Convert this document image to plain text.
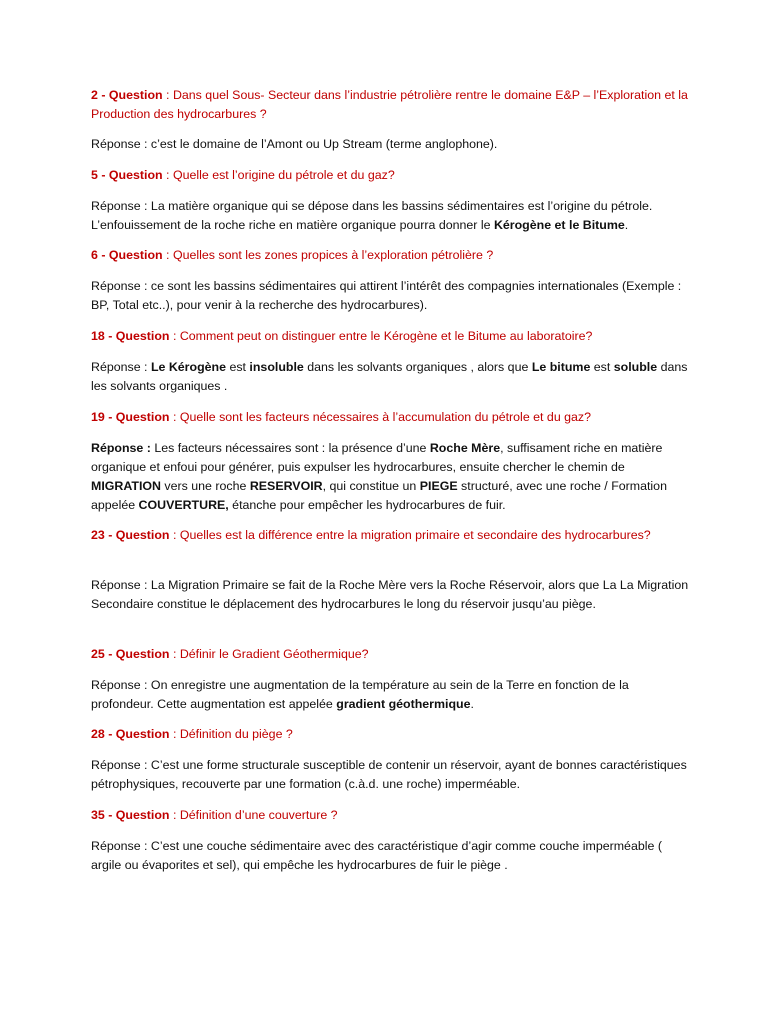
2 - Question : Dans quel Sous- Secteur dans l’industrie pétrolière rentre le domaine E&P – l’Exploration et la Production des hydrocarbures ?

Réponse : c’est le domaine de l’Amont ou Up Stream (terme anglophone).

5 - Question : Quelle est l’origine du pétrole et du gaz?

Réponse : La matière organique qui se dépose dans les bassins sédimentaires est l’origine du pétrole. L’enfouissement de la roche riche en matière organique pourra donner le Kérogène et le Bitume.

6 - Question : Quelles sont les zones propices à l’exploration pétrolière ?

Réponse : ce sont les bassins sédimentaires qui attirent l’intérêt des compagnies internationales (Exemple : BP, Total etc..), pour venir à la recherche des hydrocarbures).

18 - Question : Comment peut on distinguer entre le Kérogène et le Bitume au laboratoire?

Réponse : Le Kérogène est insoluble dans les solvants organiques , alors que Le bitume est soluble dans les solvants organiques .

19 - Question : Quelle sont les facteurs nécessaires à l’accumulation du pétrole et du gaz?

Réponse : Les facteurs nécessaires sont : la présence d’une Roche Mère, suffisament riche en matière organique et enfoui pour générer, puis expulser les hydrocarbures, ensuite chercher le chemin de MIGRATION vers une roche RESERVOIR, qui constitue un PIEGE structuré, avec une roche / Formation appelée COUVERTURE, étanche pour empêcher les hydrocarbures de fuir.

23 - Question : Quelles est la différence entre la migration primaire et secondaire des hydrocarbures?

Réponse : La Migration Primaire se fait de la Roche Mère vers la Roche Réservoir, alors que La La Migration Secondaire constitue le déplacement des hydrocarbures le long du réservoir jusqu’au piège.

25 - Question : Définir le Gradient Géothermique?

Réponse : On enregistre une augmentation de la température au sein de la Terre en fonction de la profondeur. Cette augmentation est appelée gradient géothermique.

28 - Question : Définition du piège ?

Réponse : C’est une forme structurale susceptible de contenir un réservoir, ayant de bonnes caractéristiques pétrophysiques, recouverte par une formation (c.à.d. une roche) imperméable.

35 - Question : Définition d’une couverture ?

Réponse : C’est une couche sédimentaire avec des caractéristique d’agir comme couche imperméable ( argile ou évaporites et sel), qui empêche les hydrocarbures de fuir le piège .
